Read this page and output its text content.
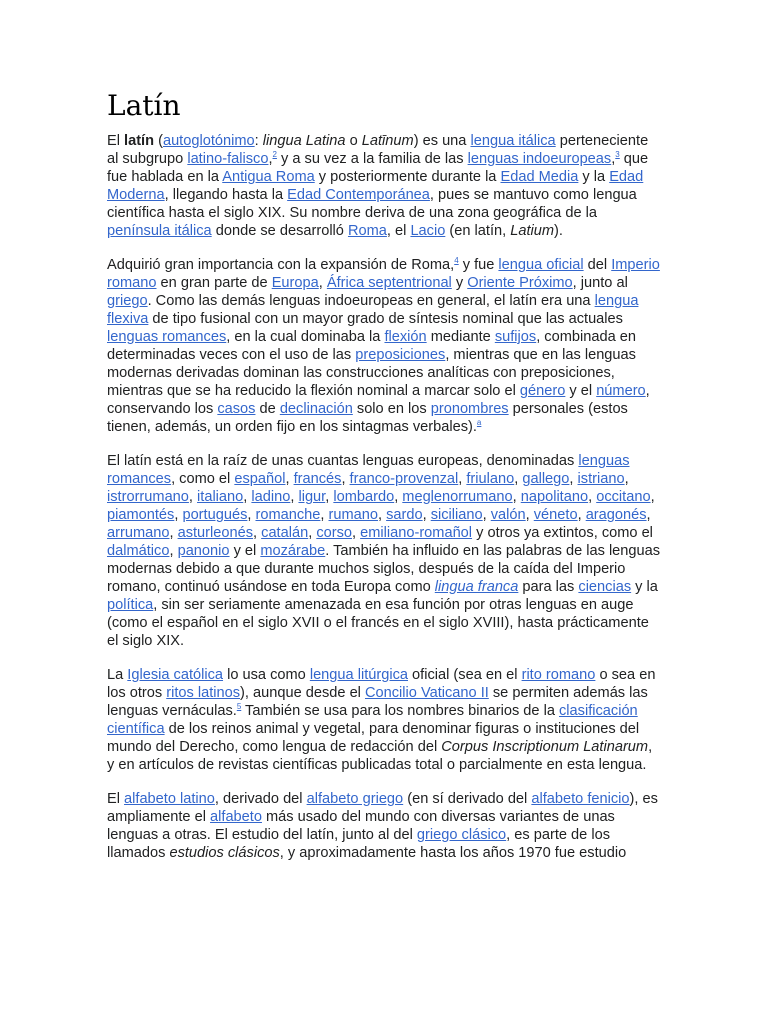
Latín

El latín (autoglotónimo: lingua Latina o Latīnum) es una lengua itálica perteneciente al subgrupo latino-falisco,$^2$ y a su vez a la familia de las lenguas indoeuropeas,$^3$ que fue hablada en la Antigua Roma y posteriormente durante la Edad Media y la Edad Moderna, llegando hasta la Edad Contemporánea, pues se mantuvo como lengua científica hasta el siglo XIX. Su nombre deriva de una zona geográfica de la península itálica donde se desarrolló Roma, el Lacio (en latín, Latium).

Adquirió gran importancia con la expansión de Roma,$^4$ y fue lengua oficial del Imperio romano en gran parte de Europa, África septentrional y Oriente Próximo, junto al griego. Como las demás lenguas indoeuropeas en general, el latín era una lengua flexiva de tipo fusional con un mayor grado de síntesis nominal que las actuales lenguas romances, en la cual dominaba la flexión mediante sufijos, combinada en determinadas veces con el uso de las preposiciones, mientras que en las lenguas modernas derivadas dominan las construcciones analíticas con preposiciones, mientras que se ha reducido la flexión nominal a marcar solo el género y el número, conservando los casos de declinación solo en los pronombres personales (estos tienen, además, un orden fijo en los sintagmas verbales).$^a$

El latín está en la raíz de unas cuantas lenguas europeas, denominadas lenguas romances, como el español, francés, franco-provenzal, friulano, gallego, istriano, istrorrumano, italiano, ladino, ligur, lombardo, meglenorrumano, napolitano, occitano, piamontés, portugués, romanche, rumano, sardo, siciliano, valón, véneto, aragonés, arrumano, asturleonés, catalán, corso, emiliano-romañol y otros ya extintos, como el dalmático, panonio y el mozárabe. También ha influido en las palabras de las lenguas modernas debido a que durante muchos siglos, después de la caída del Imperio romano, continuó usándose en toda Europa como lingua franca para las ciencias y la política, sin ser seriamente amenazada en esa función por otras lenguas en auge (como el español en el siglo XVII o el francés en el siglo XVIII), hasta prácticamente el siglo XIX.

La Iglesia católica lo usa como lengua litúrgica oficial (sea en el rito romano o sea en los otros ritos latinos), aunque desde el Concilio Vaticano II se permiten además las lenguas vernáculas.$^5$ También se usa para los nombres binarios de la clasificación científica de los reinos animal y vegetal, para denominar figuras o instituciones del mundo del Derecho, como lengua de redacción del Corpus Inscriptionum Latinarum, y en artículos de revistas científicas publicadas total o parcialmente en esta lengua.

El alfabeto latino, derivado del alfabeto griego (en sí derivado del alfabeto fenicio), es ampliamente el alfabeto más usado del mundo con diversas variantes de unas lenguas a otras. El estudio del latín, junto al del griego clásico, es parte de los llamados estudios clásicos, y aproximadamente hasta los años 1970 fue estudio
